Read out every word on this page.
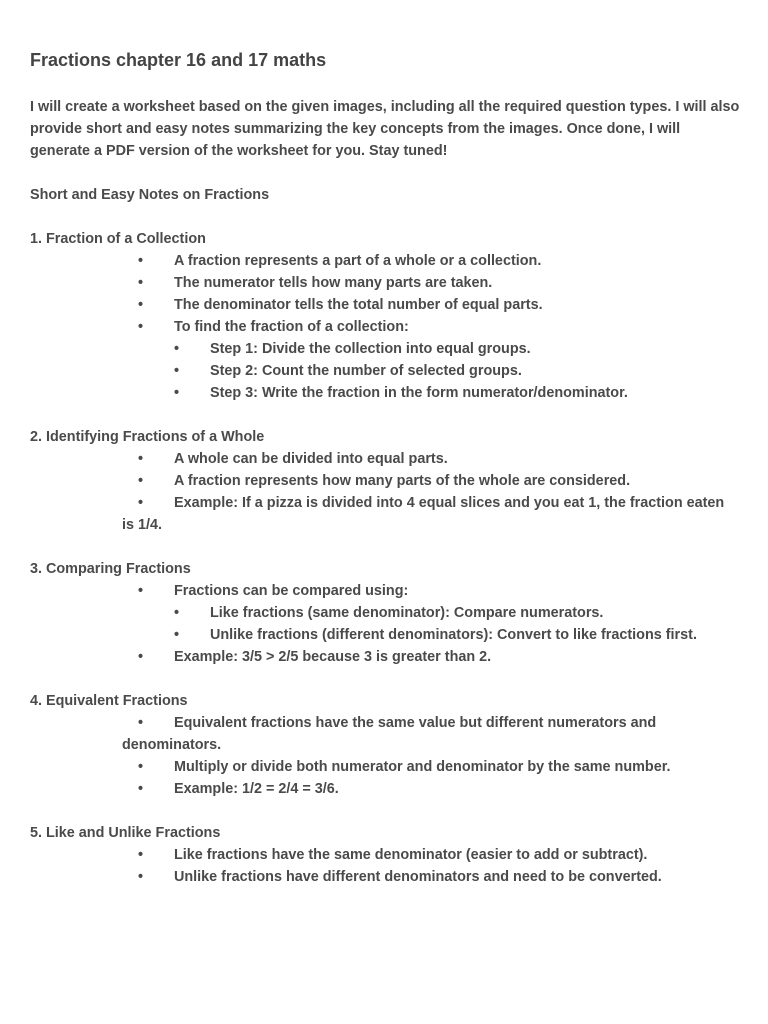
Fractions chapter 16 and 17 maths
I will create a worksheet based on the given images, including all the required question types. I will also provide short and easy notes summarizing the key concepts from the images. Once done, I will generate a PDF version of the worksheet for you. Stay tuned!
Short and Easy Notes on Fractions
1. Fraction of a Collection
• A fraction represents a part of a whole or a collection.
• The numerator tells how many parts are taken.
• The denominator tells the total number of equal parts.
• To find the fraction of a collection:
• Step 1: Divide the collection into equal groups.
• Step 2: Count the number of selected groups.
• Step 3: Write the fraction in the form numerator/denominator.
2. Identifying Fractions of a Whole
• A whole can be divided into equal parts.
• A fraction represents how many parts of the whole are considered.
• Example: If a pizza is divided into 4 equal slices and you eat 1, the fraction eaten is 1/4.
3. Comparing Fractions
• Fractions can be compared using:
• Like fractions (same denominator): Compare numerators.
• Unlike fractions (different denominators): Convert to like fractions first.
• Example: 3/5 > 2/5 because 3 is greater than 2.
4. Equivalent Fractions
• Equivalent fractions have the same value but different numerators and denominators.
• Multiply or divide both numerator and denominator by the same number.
• Example: 1/2 = 2/4 = 3/6.
5. Like and Unlike Fractions
• Like fractions have the same denominator (easier to add or subtract).
• Unlike fractions have different denominators and need to be converted.
